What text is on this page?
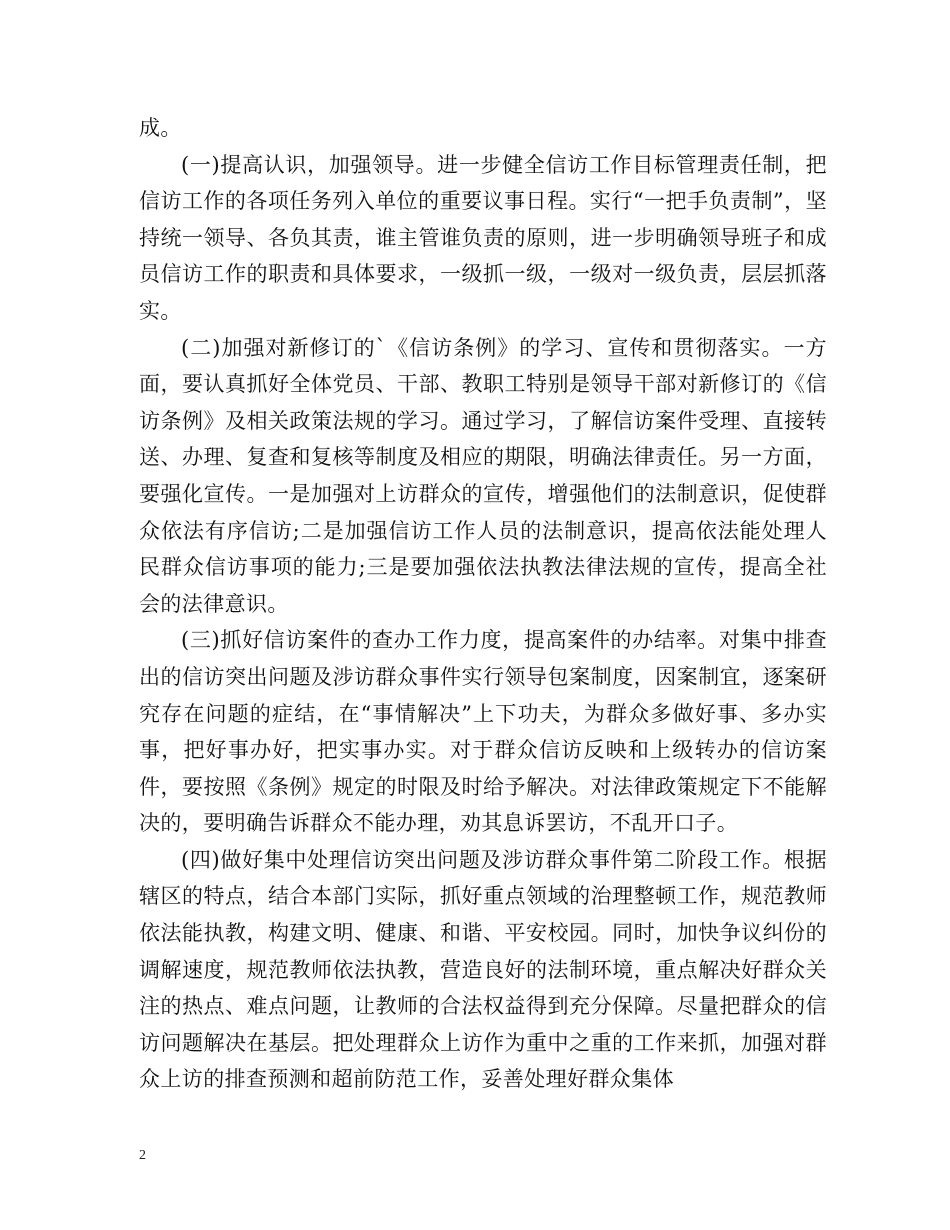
成。

(一)提高认识，加强领导。进一步健全信访工作目标管理责任制，把信访工作的各项任务列入单位的重要议事日程。实行“一把手负责制”，坚持统一领导、各负其责，谁主管谁负责的原则，进一步明确领导班子和成员信访工作的职责和具体要求，一级抓一级，一级对一级负责，层层抓落实。

(二)加强对新修订的`《信访条例》的学习、宣传和贯彻落实。一方面，要认真抓好全体党员、干部、教职工特别是领导干部对新修订的《信访条例》及相关政策法规的学习。通过学习，了解信访案件受理、直接转送、办理、复查和复核等制度及相应的期限，明确法律责任。另一方面，要强化宣传。一是加强对上访群众的宣传，增强他们的法制意识，促使群众依法有序信访;二是加强信访工作人员的法制意识，提高依法能处理人民群众信访事项的能力;三是要加强依法执教法律法规的宣传，提高全社会的法律意识。

(三)抓好信访案件的查办工作力度，提高案件的办结率。对集中排查出的信访突出问题及涉访群众事件实行领导包案制度，因案制宜，逐案研究存在问题的症结，在“事情解决”上下功夫，为群众多做好事、多办实事，把好事办好，把实事办实。对于群众信访反映和上级转办的信访案件，要按照《条例》规定的时限及时给予解决。对法律政策规定下不能解决的，要明确告诉群众不能办理，劝其息诉罢访，不乱开口子。

(四)做好集中处理信访突出问题及涉访群众事件第二阶段工作。根据辖区的特点，结合本部门实际，抓好重点领域的治理整顿工作，规范教师依法能执教，构建文明、健康、和谐、平安校园。同时，加快争议纠份的调解速度，规范教师依法执教，营造良好的法制环境，重点解决好群众关注的热点、难点问题，让教师的合法权益得到充分保障。尽量把群众的信访问题解决在基层。把处理群众上访作为重中之重的工作来抓，加强对群众上访的排查预测和超前防范工作，妥善处理好群众集体

2
